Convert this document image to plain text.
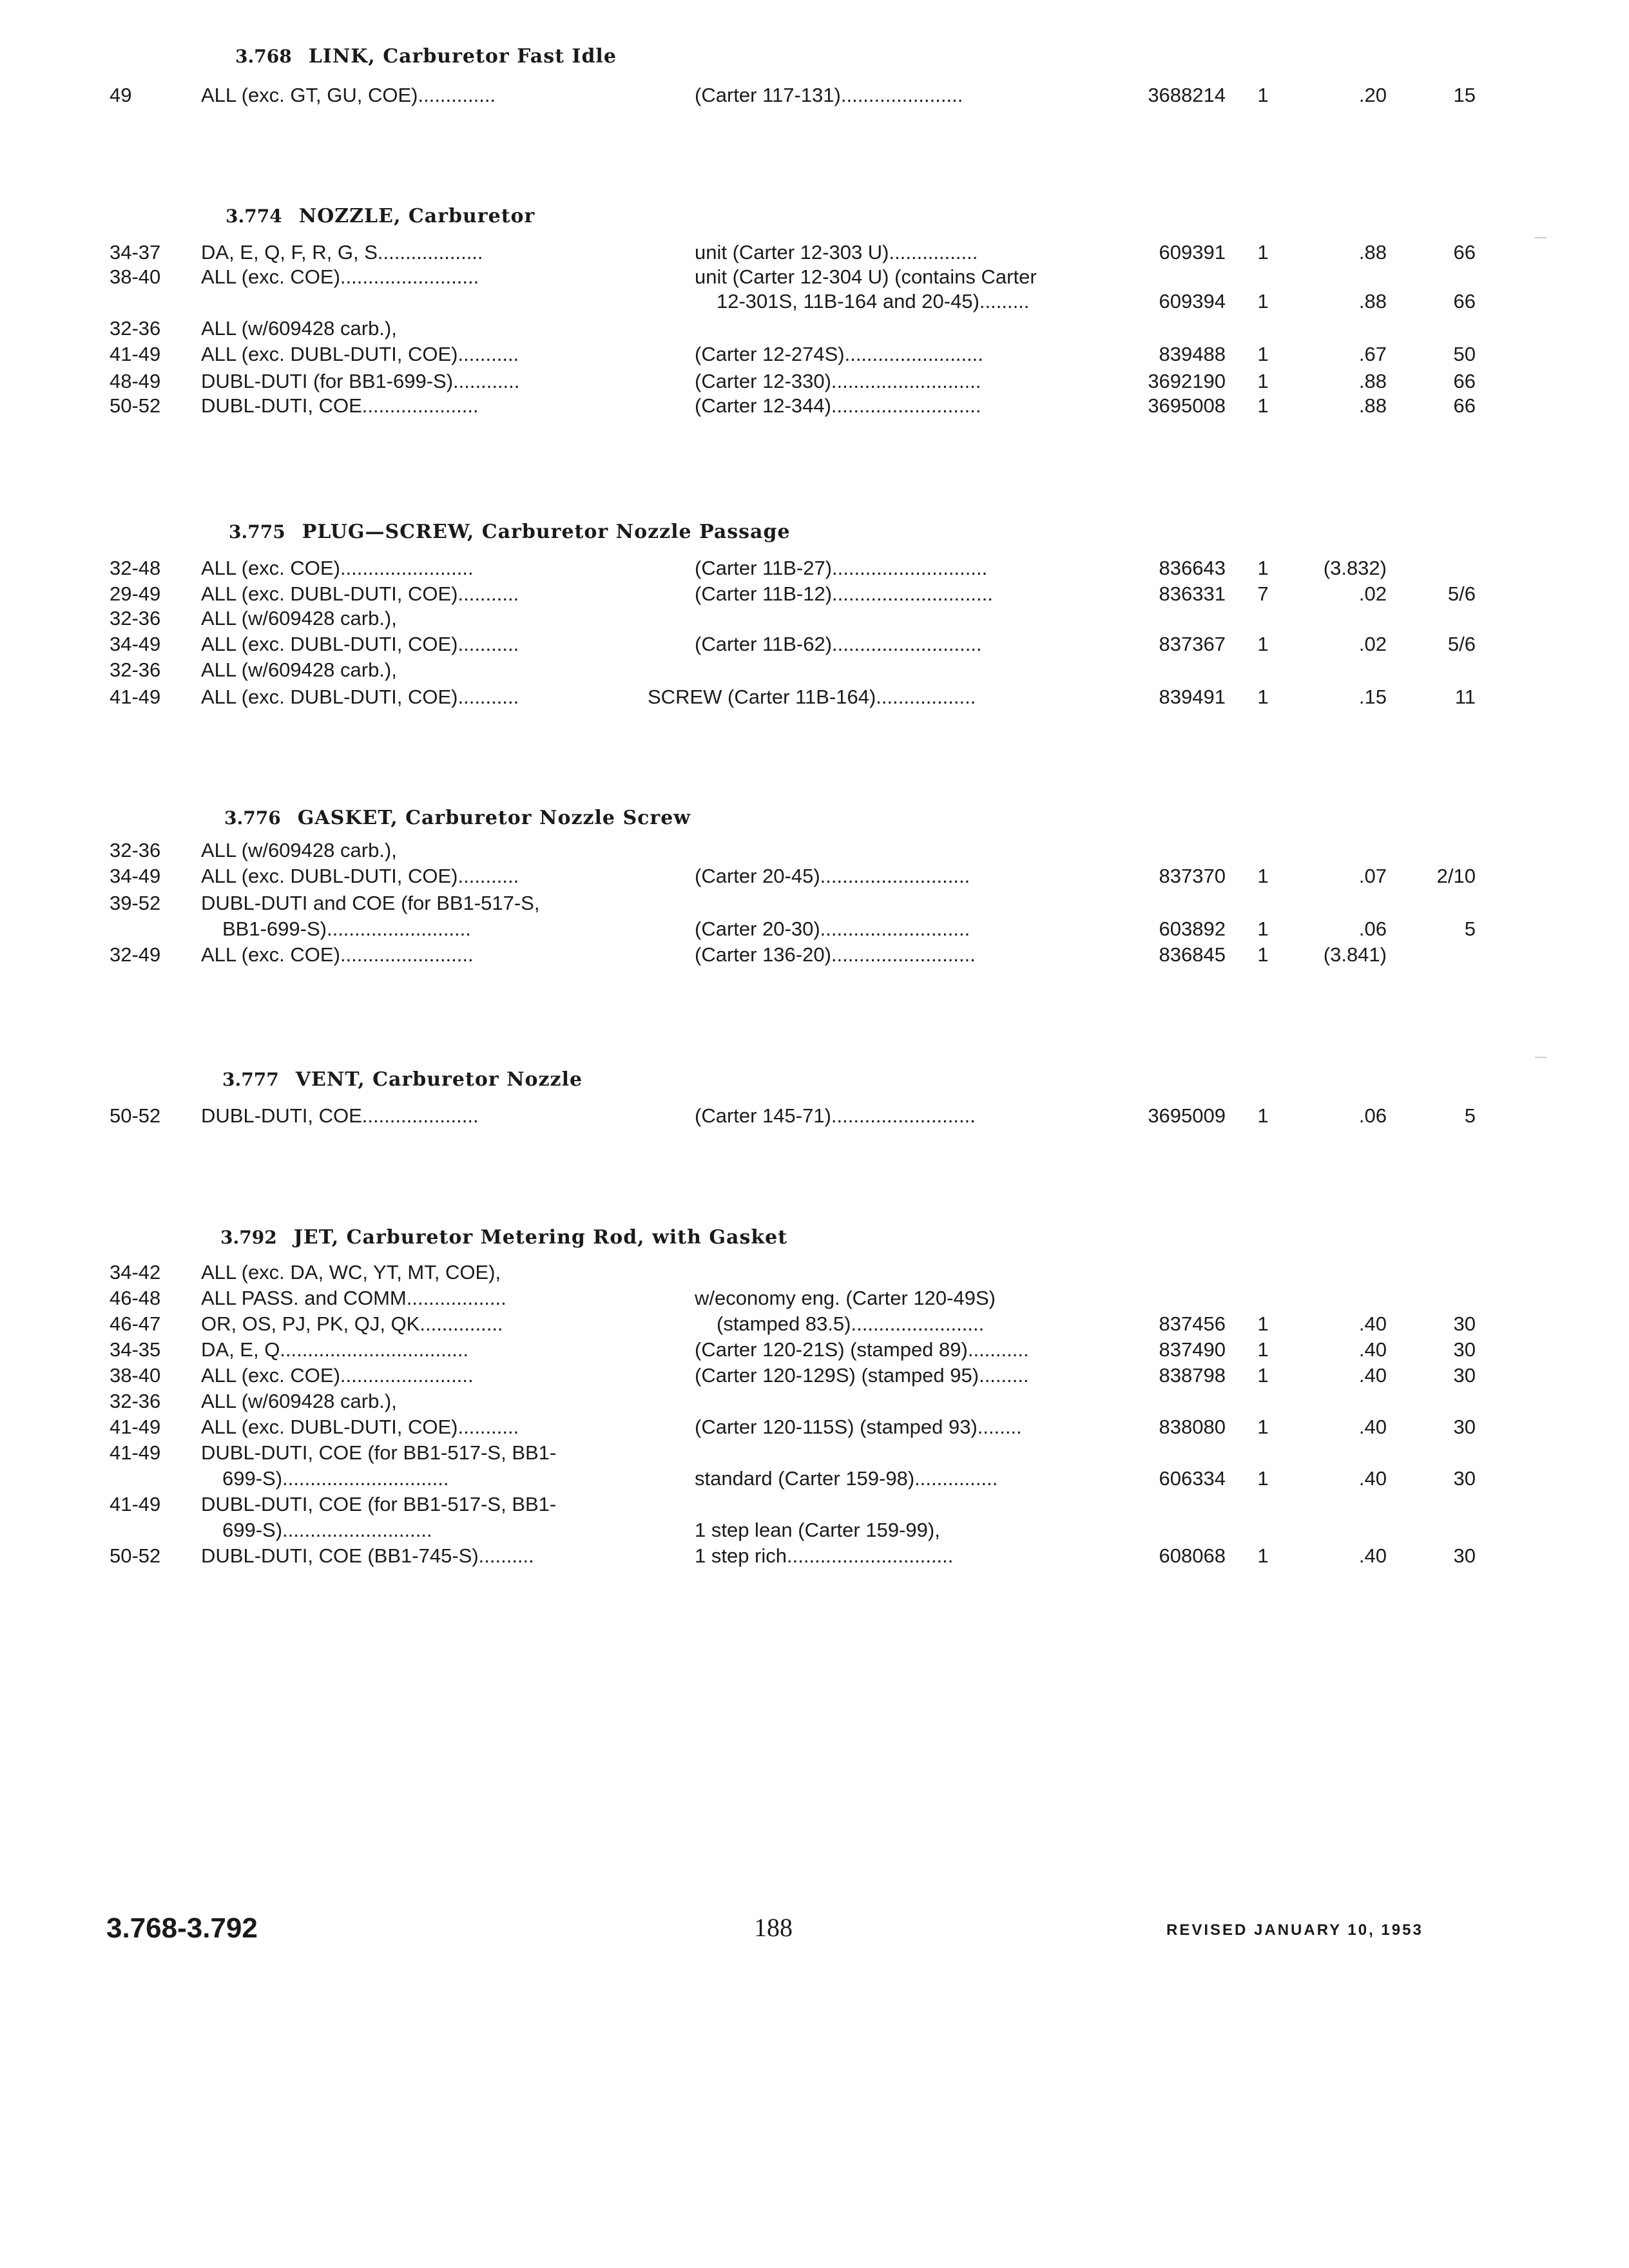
3.768-3.792	188	REVISED JANUARY 10, 1953
3.768 LINK, Carburetor Fast Idle
49	ALL (exc. GT, GU, COE)..............	(Carter 117-131)......................	3688214	1	.20	15
3.774 NOZZLE, Carburetor
34-37 DA, E, Q, F, R, G, S...................	unit (Carter 12-303 U)................	609391	1	.88	66
38-40 ALL (exc. COE).........................	unit (Carter 12-304 U) (contains Carter
12-301S, 11B-164 and 20-45).........	609394	1	.88	66
32-36 ALL (w/609428 carb.),
41-49 ALL (exc. DUBL-DUTI, COE)...........	(Carter 12-274S).........................	839488	1	.67	50
48-49 DUBL-DUTI (for BB1-699-S)............	(Carter 12-330)...........................	3692190	1	.88	66
50-52 DUBL-DUTI, COE.....................	(Carter 12-344)...........................	3695008	1	.88	66
3.775 PLUG—SCREW, Carburetor Nozzle Passage
32-48 ALL (exc. COE)........................	(Carter 11B-27)............................	836643	1	(3.832)
29-49 ALL (exc. DUBL-DUTI, COE)...........	(Carter 11B-12).............................	836331	7	.02	5/6
32-36 ALL (w/609428 carb.),
34-49 ALL (exc. DUBL-DUTI, COE)...........	(Carter 11B-62)...........................	837367	1	.02	5/6
32-36 ALL (w/609428 carb.),
41-49 ALL (exc. DUBL-DUTI, COE)...........	SCREW (Carter 11B-164)..................	839491	1	.15	11
3.776 GASKET, Carburetor Nozzle Screw
32-36 ALL (w/609428 carb.),
34-49 ALL (exc. DUBL-DUTI, COE)...........	(Carter 20-45)...........................	837370	1	.07	2/10
39-52 DUBL-DUTI and COE (for BB1-517-S,
BB1-699-S)..........................	(Carter 20-30)...........................	603892	1	.06	5
32-49 ALL (exc. COE)........................	(Carter 136-20)..........................	836845	1	(3.841)
3.777 VENT, Carburetor Nozzle
50-52 DUBL-DUTI, COE.....................	(Carter 145-71)..........................	3695009	1	.06	5
3.792 JET, Carburetor Metering Rod, with Gasket
34-42 ALL (exc. DA, WC, YT, MT, COE),
46-48 ALL PASS. and COMM..................	w/economy eng. (Carter 120-49S)
46-47 OR, OS, PJ, PK, QJ, QK...............	(stamped 83.5)........................	837456	1	.40	30
34-35 DA, E, Q..................................	(Carter 120-21S) (stamped 89)...........	837490	1	.40	30
38-40 ALL (exc. COE)........................	(Carter 120-129S) (stamped 95).........	838798	1	.40	30
32-36 ALL (w/609428 carb.),
41-49 ALL (exc. DUBL-DUTI, COE)...........	(Carter 120-115S) (stamped 93)........	838080	1	.40	30
41-49 DUBL-DUTI, COE (for BB1-517-S, BB1-
699-S)..............................	standard (Carter 159-98)...............	606334	1	.40	30
41-49 DUBL-DUTI, COE (for BB1-517-S, BB1-
699-S)...........................	1 step lean (Carter 159-99),
50-52 DUBL-DUTI, COE (BB1-745-S)..........	1 step rich..............................	608068	1	.40	30
